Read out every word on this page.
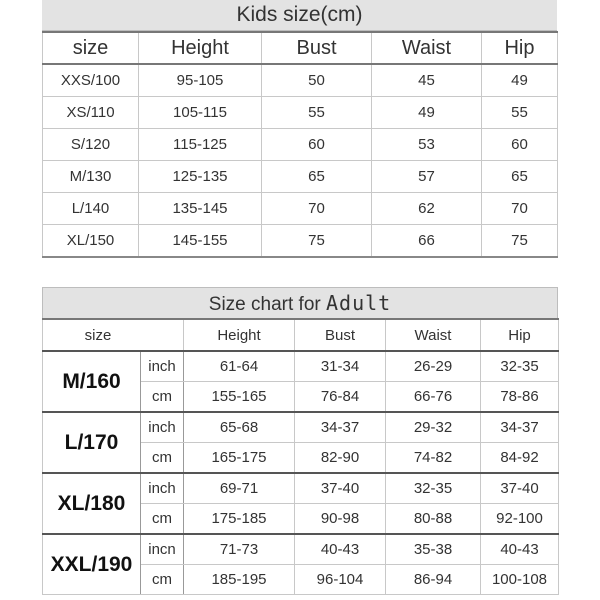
Kids size(cm)
size	Height	Bust	Waist	Hip
XXS/100	95-105	50	45	49
XS/110	105-115	55	49	55
S/120	115-125	60	53	60
M/130	125-135	65	57	65
L/140	135-145	70	62	70
XL/150	145-155	75	66	75
Size chart for Adult
size		Height	Bust	Waist	Hip
M/160	inch	61-64	31-34	26-29	32-35
	cm	155-165	76-84	66-76	78-86
L/170	inch	65-68	34-37	29-32	34-37
	cm	165-175	82-90	74-82	84-92
XL/180	inch	69-71	37-40	32-35	37-40
	cm	175-185	90-98	80-88	92-100
XXL/190	incn	71-73	40-43	35-38	40-43
	cm	185-195	96-104	86-94	100-108
